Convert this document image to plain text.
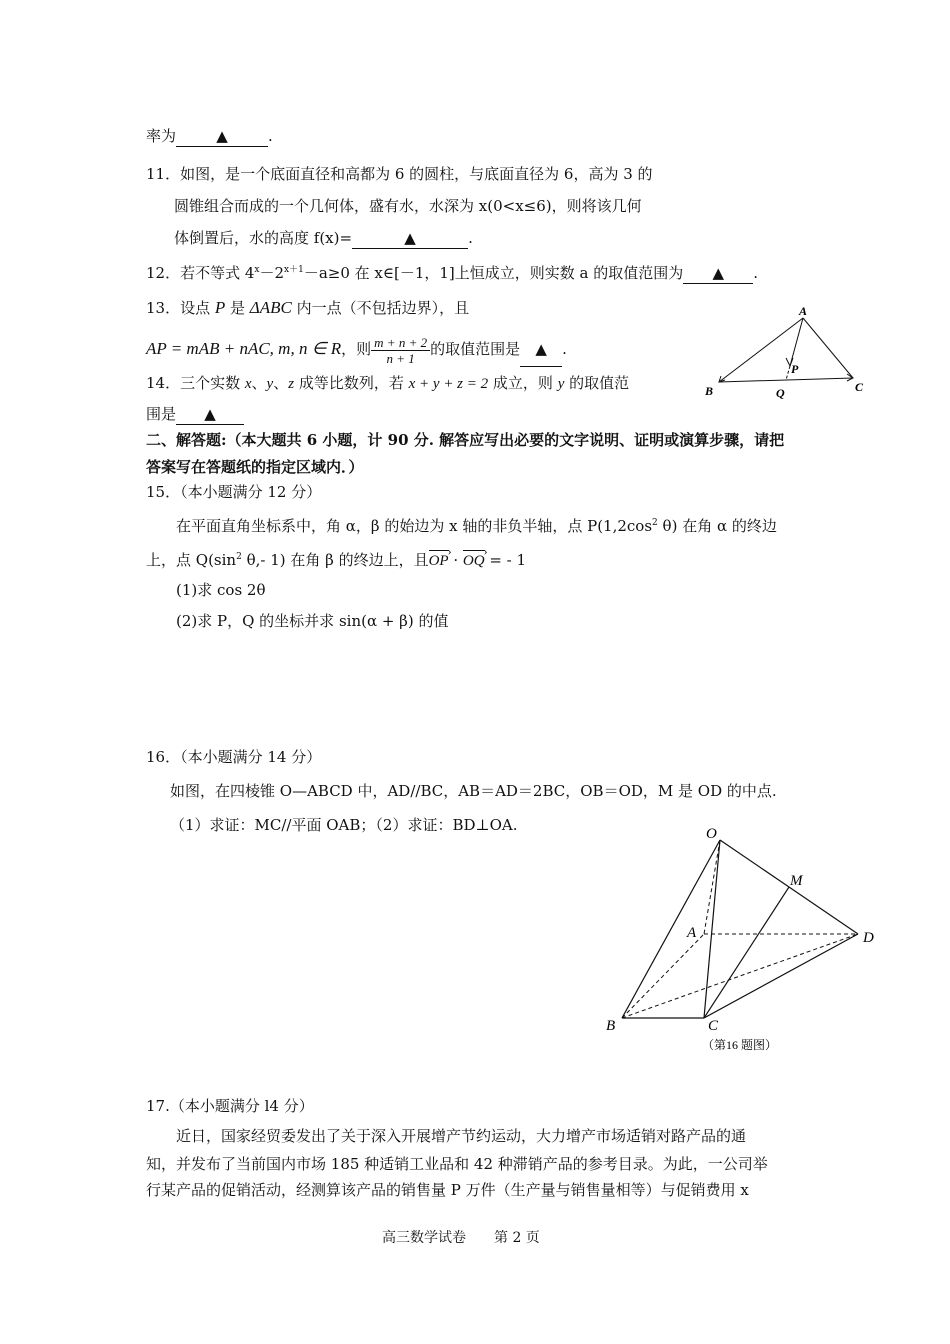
率为	▲	.
11．如图，是一个底面直径和高都为 6 的圆柱，与底面直径为 6，高为 3 的
圆锥组合而成的一个几何体，盛有水，水深为 x(0<x≤6)，则将该几何
体倒置后，水的高度 f(x)=	▲	.
12．若不等式 $4^x-2^{x+1}-a\ge 0$ 在 x∈[－1，1]上恒成立，则实数 a 的取值范围为 ▲ .
13．设点 P 是 ΔABC 内一点（不包括边界），且
AP = mAB + nAC, m, n ∈ R，则 $\frac{m + n + 2}{n + 1}$ 的取值范围是 ▲ .
A
B	C
P
Q
14．三个实数 x、y、z 成等比数列，若 x + y + z = 2 成立，则 y 的取值范
围是 ▲
二、解答题:（本大题共 6 小题，计 90 分. 解答应写出必要的文字说明、证明或演算步骤，请把
答案写在答题纸的指定区域内．）
15．（本小题满分 12 分）
在平面直角坐标系中，角 α，β 的始边为 x 轴的非负半轴，点 $P(1,2\cos^2$ θ) 在角 α 的终边
上，点 $Q(\sin^2$ θ,- 1) 在角 β 的终边上，且OP › · OQ › = - 1
(1)求 cos 2θ
(2)求 P，Q 的坐标并求 sin(α + β) 的值
16．（本小题满分 14 分）
如图，在四棱锥 O—ABCD 中，AD//BC，AB＝AD＝2BC，OB＝OD，M 是 OD 的中点.
（1）求证：MC//平面 OAB；（2）求证：BD⊥OA.	O
M
A	D
B	C
（第16 题图）
17.（本小题满分 l4 分）
近日，国家经贸委发出了关于深入开展增产节约运动，大力增产市场适销对路产品的通
知，并发布了当前国内市场 185 种适销工业品和 42 种滞销产品的参考目录。为此，一公司举
行某产品的促销活动，经测算该产品的销售量 P 万件（生产量与销售量相等）与促销费用 x
高三数学试卷　　第 2 页
